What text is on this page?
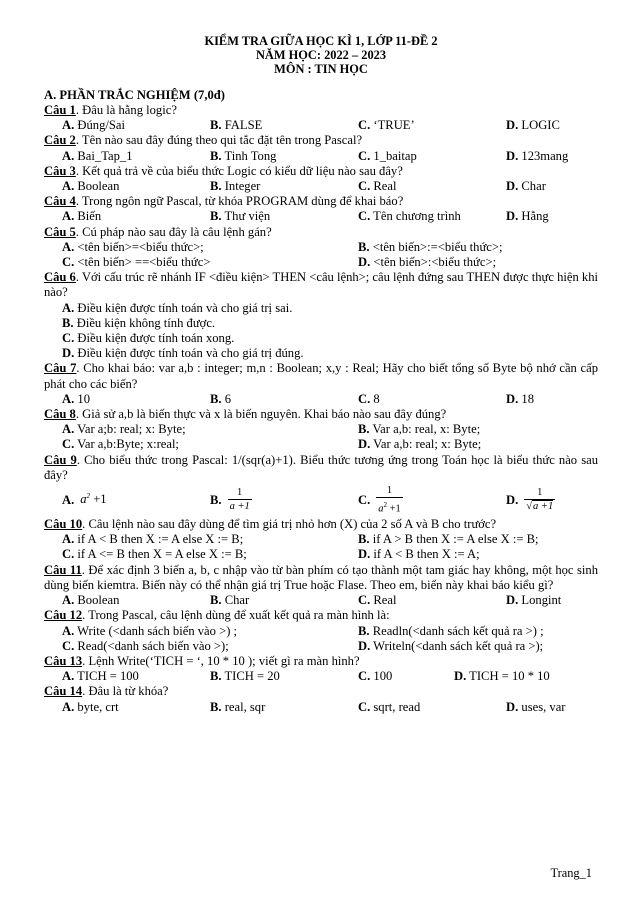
KIỂM TRA GIỮA HỌC KÌ 1, LỚP 11-ĐỀ 2
NĂM HỌC: 2022 – 2023
MÔN : TIN HỌC
A. PHẦN TRẮC NGHIỆM (7,0đ)
Câu 1. Đâu là hằng logic?
A. Đúng/Sai	B. FALSE	C. ‘TRUE’	D. LOGIC
Câu 2. Tên nào sau đây đúng theo qui tắc đặt tên trong Pascal?
A. Bai_Tap_1	B. Tinh Tong	C. 1_baitap	D. 123mang
Câu 3. Kết quả trả về của biểu thức Logic có kiểu dữ liệu nào sau đây?
A. Boolean	B. Integer	C. Real	D. Char
Câu 4. Trong ngôn ngữ Pascal, từ khóa PROGRAM dùng để khai báo?
A. Biến	B. Thư viện	C. Tên chương trình	D. Hằng
Câu 5. Cú pháp nào sau đây là câu lệnh gán?
A. <tên biến>=<biểu thức>;	B. <tên biến>:=<biểu thức>;
C. <tên biến> ==<biểu thức>	D. <tên biến>:<biểu thức>;
Câu 6. Với cấu trúc rẽ nhánh IF <điều kiện> THEN <câu lệnh>; câu lệnh đứng sau THEN được thực hiện khi nào?
A. Điều kiện được tính toán và cho giá trị sai.
B. Điều kiện không tính được.
C. Điều kiện được tính toán xong.
D. Điều kiện được tính toán và cho giá trị đúng.
Câu 7. Cho khai báo: var a,b : integer; m,n : Boolean; x,y : Real; Hãy cho biết tổng số Byte bộ nhớ cần cấp phát cho các biến?
A. 10	B. 6	C. 8	D. 18
Câu 8. Giả sử a,b là biến thực và x là biến nguyên. Khai báo nào sau đây đúng?
A. Var a;b: real; x: Byte;	B. Var a,b: real, x: Byte;
C. Var a,b:Byte; x:real;	D. Var a,b: real; x: Byte;
Câu 9. Cho biểu thức trong Pascal: 1/(sqr(a)+1). Biểu thức tương ứng trong Toán học là biểu thức nào sau đây?
A. $a^2 +1$	B. $\frac{1}{a +1}$	C. $\frac{1}{a^2 +1}$	D. $\frac{1}{√a +1}$
Câu 10. Câu lệnh nào sau đây dùng để tìm giá trị nhỏ hơn (X) của 2 số A và B cho trước?
A. if A < B then X := A else X := B;	B. if A > B then X := A else X := B;
C. if A <= B then X = A else X := B;	D. if A < B then X := A;
Câu 11. Để xác định 3 biến a, b, c nhập vào từ bàn phím có tạo thành một tam giác hay không, một học sinh dùng biến kiemtra. Biến này có thể nhận giá trị True hoặc Flase. Theo em, biến này khai báo kiểu gì?
A. Boolean	B. Char	C. Real	D. Longint
Câu 12. Trong Pascal, câu lệnh dùng để xuất kết quả ra màn hình là:
A. Write (<danh sách biến vào >) ;	B. Readln(<danh sách kết quả ra >) ;
C. Read(<danh sách biến vào >);	D. Writeln(<danh sách kết quả ra >);
Câu 13. Lệnh Write(‘TICH = ‘, 10 * 10 ); viết gì ra màn hình?
A. TICH = 100	B. TICH = 20	C. 100	D. TICH = 10 * 10
Câu 14. Đâu là từ khóa?
A. byte, crt	B. real, sqr	C. sqrt, read	D. uses, var
Trang_1
